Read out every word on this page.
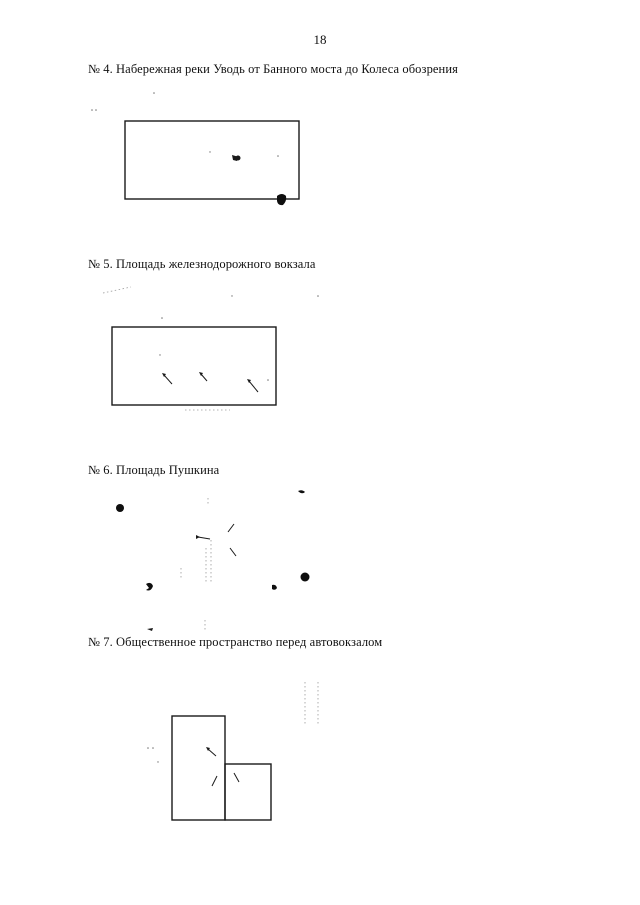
18
№ 4. Набережная реки Уводь от Банного моста до Колеса обозрения
№ 5. Площадь железнодорожного вокзала
№ 6. Площадь Пушкина
№ 7. Общественное пространство перед автовокзалом
